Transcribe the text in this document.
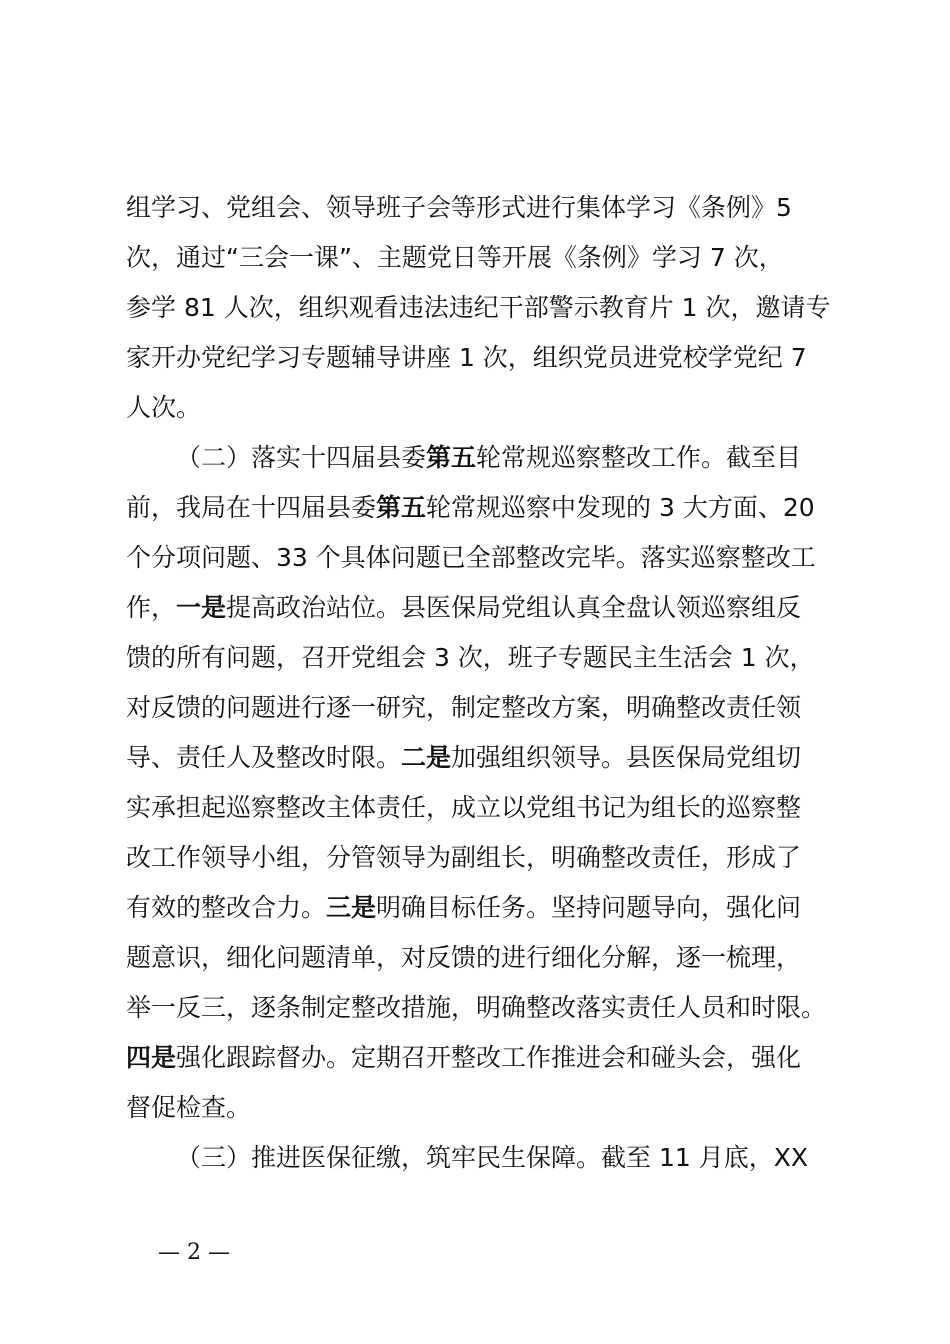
组学习、党组会、领导班子会等形式进行集体学习《条例》5
次，通过“三会一课”、主题党日等开展《条例》学习 7 次，
参学 81 人次，组织观看违法违纪干部警示教育片 1 次，邀请专
家开办党纪学习专题辅导讲座 1 次，组织党员进党校学党纪 7
人次。
（二）落实十四届县委第五轮常规巡察整改工作。截至目
前，我局在十四届县委第五轮常规巡察中发现的 3 大方面、20
个分项问题、33 个具体问题已全部整改完毕。落实巡察整改工
作，一是提高政治站位。县医保局党组认真全盘认领巡察组反
馈的所有问题，召开党组会 3 次，班子专题民主生活会 1 次，
对反馈的问题进行逐一研究，制定整改方案，明确整改责任领
导、责任人及整改时限。二是加强组织领导。县医保局党组切
实承担起巡察整改主体责任，成立以党组书记为组长的巡察整
改工作领导小组，分管领导为副组长，明确整改责任，形成了
有效的整改合力。三是明确目标任务。坚持问题导向，强化问
题意识，细化问题清单，对反馈的进行细化分解，逐一梳理，
举一反三，逐条制定整改措施，明确整改落实责任人员和时限。
四是强化跟踪督办。定期召开整改工作推进会和碰头会，强化
督促检查。
（三）推进医保征缴，筑牢民生保障。截至 11 月底，XX
— 2 —
